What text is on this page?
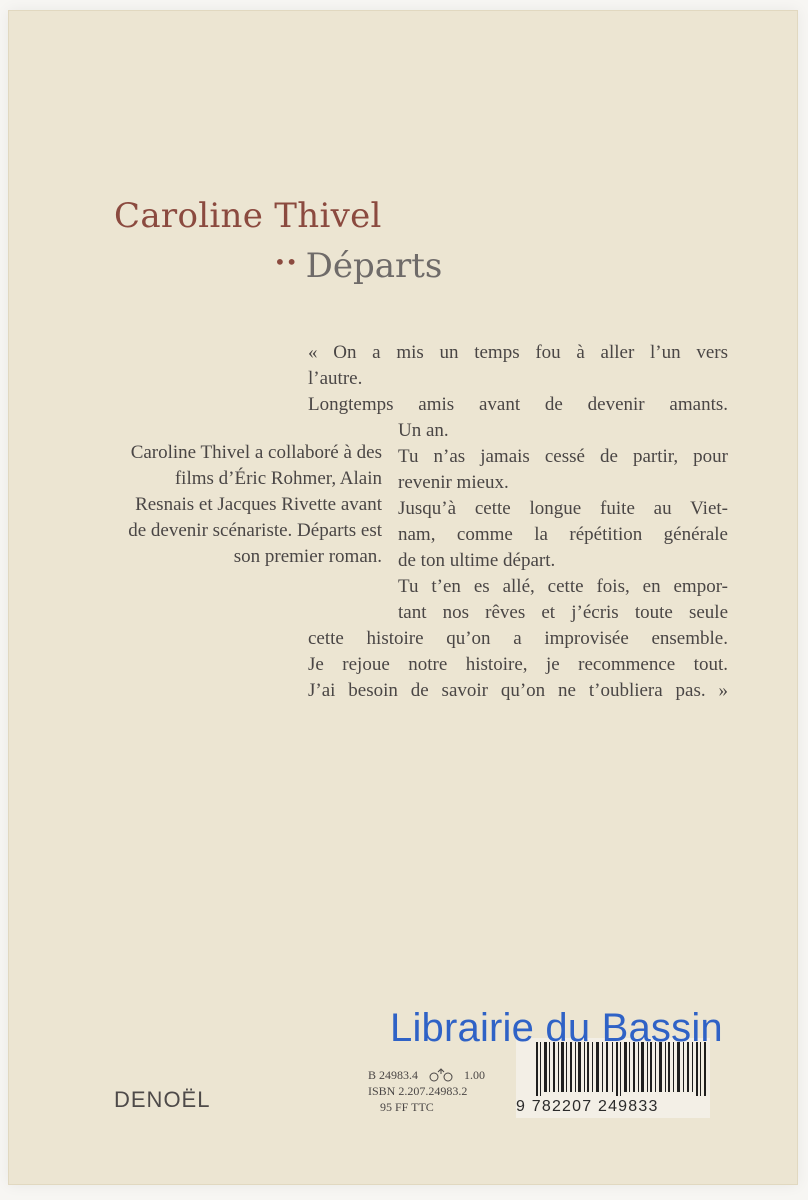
Caroline Thivel
•• Départs
Caroline Thivel a collaboré à des films d’Éric Rohmer, Alain Resnais et Jacques Rivette avant de devenir scénariste. Départs est son premier roman.
« On a mis un temps fou à aller l’un vers
l’autre.
Longtemps amis avant de devenir amants.
Un an.
Tu n’as jamais cessé de partir, pour
revenir mieux.
Jusqu’à cette longue fuite au Viet-
nam, comme la répétition générale
de ton ultime départ.
Tu t’en es allé, cette fois, en empor-
tant nos rêves et j’écris toute seule
cette histoire qu’on a improvisée ensemble.
Je rejoue notre histoire, je recommence tout.
J’ai besoin de savoir qu’on ne t’oubliera pas. »
DENOËL
B 24983.4	1.00
ISBN 2.207.24983.2
95 FF TTC	9 782207 249833
Librairie du Bassin
